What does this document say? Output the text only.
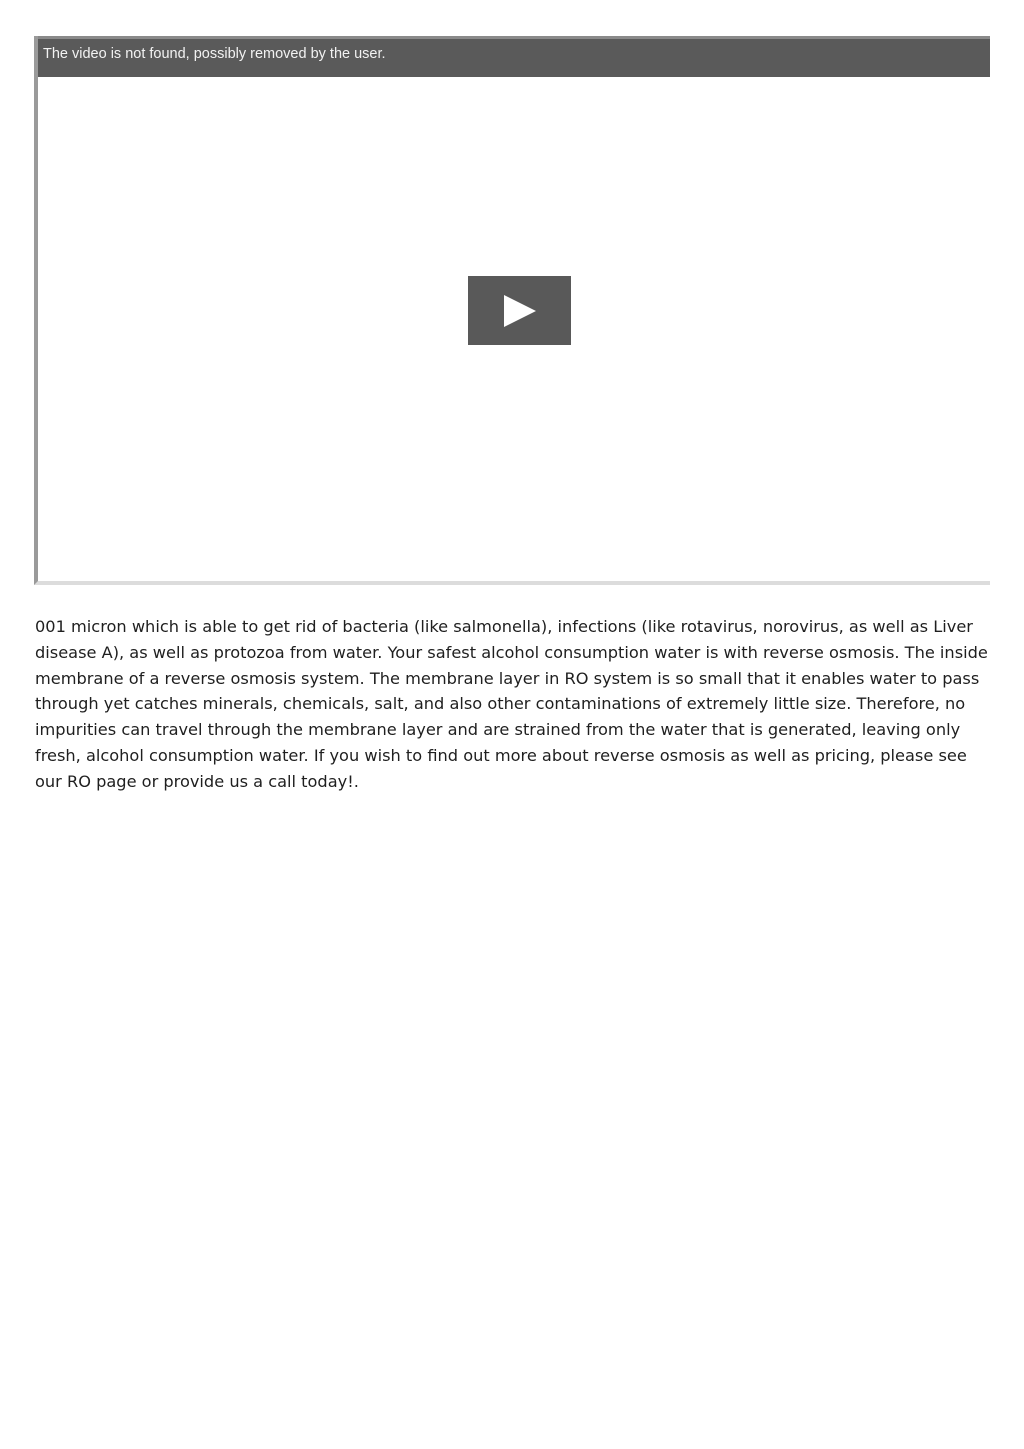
The video is not found, possibly removed by the user.

001 micron which is able to get rid of bacteria (like salmonella), infections (like rotavirus, norovirus, as well as Liver disease A), as well as protozoa from water. Your safest alcohol consumption water is with reverse osmosis. The inside membrane of a reverse osmosis system. The membrane layer in RO system is so small that it enables water to pass through yet catches minerals, chemicals, salt, and also other contaminations of extremely little size. Therefore, no impurities can travel through the membrane layer and are strained from the water that is generated, leaving only fresh, alcohol consumption water. If you wish to find out more about reverse osmosis as well as pricing, please see our RO page or provide us a call today!.
